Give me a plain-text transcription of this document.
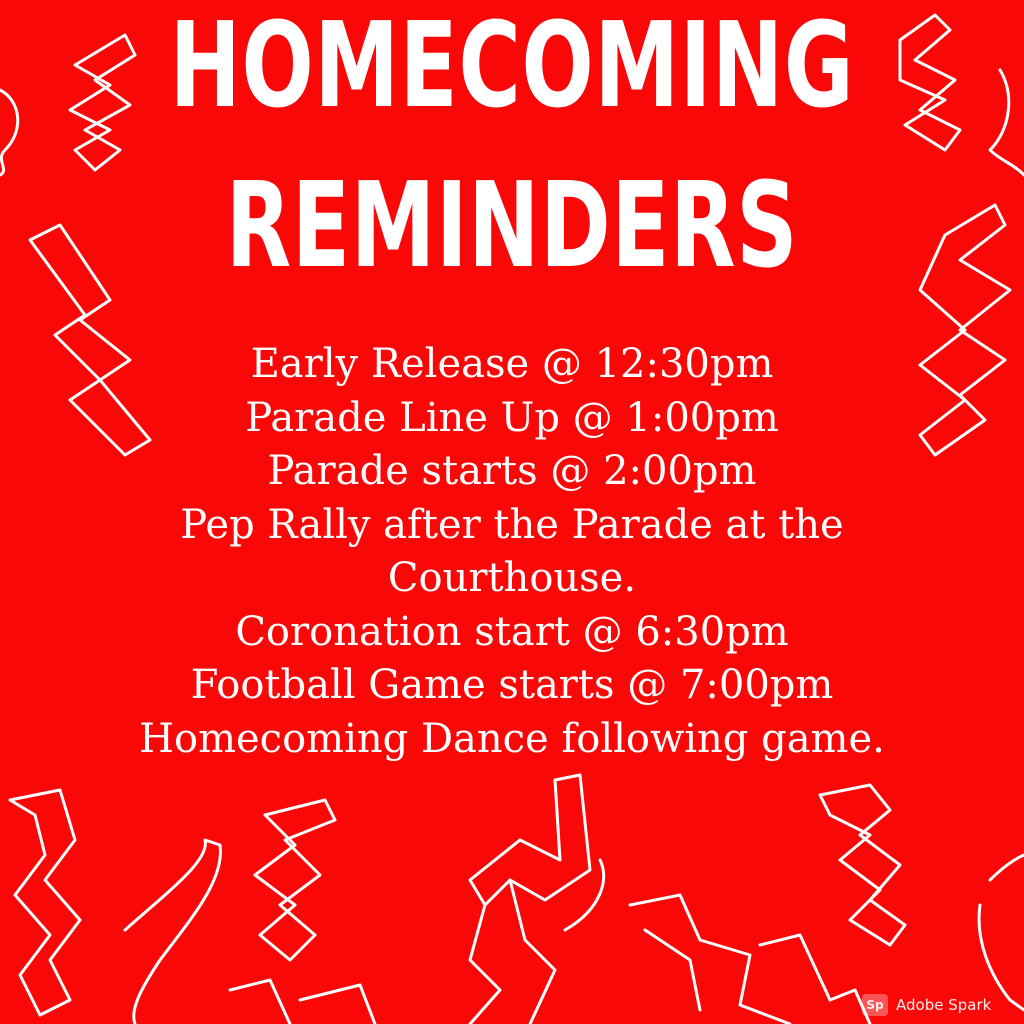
HOMECOMING
REMINDERS
Early Release @ 12:30pm
Parade Line Up @ 1:00pm
Parade starts @ 2:00pm
Pep Rally after the Parade at the
Courthouse.
Coronation start @ 6:30pm
Football Game starts @ 7:00pm
Homecoming Dance following game.
Sp Adobe Spark
